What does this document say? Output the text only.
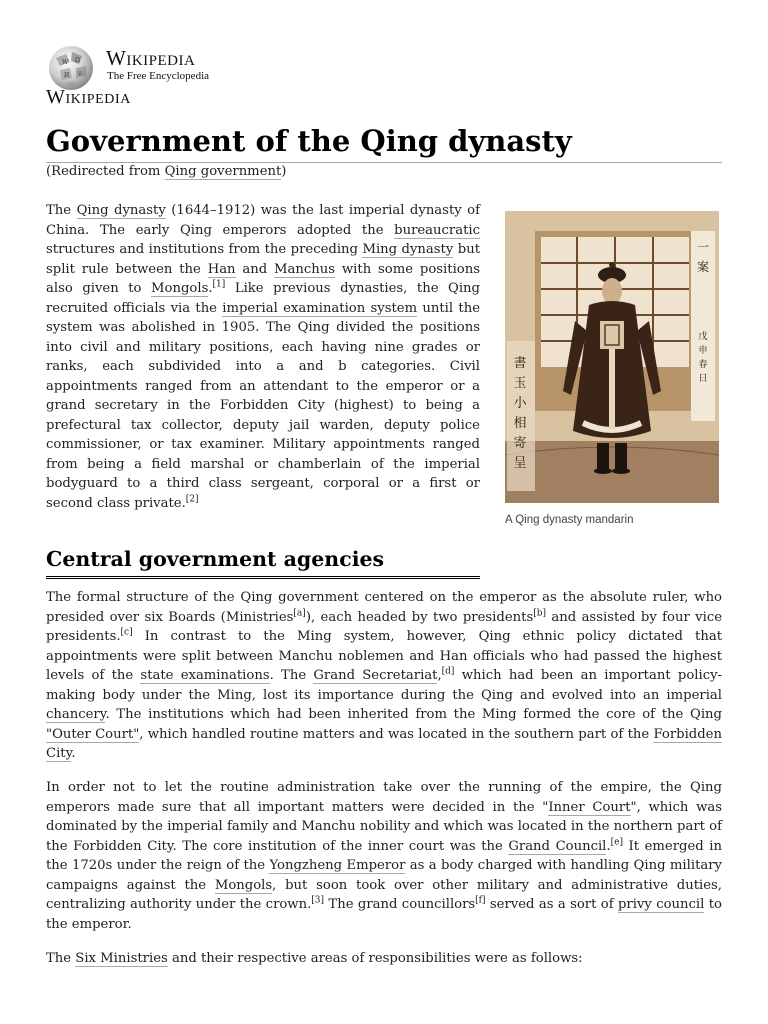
W Ω
И ש
Wikipedia
The Free Encyclopedia
Wikipedia
Government of the Qing dynasty
(Redirected from Qing government)

The Qing dynasty (1644–1912) was the last imperial dynasty of China. The early Qing emperors adopted the bureaucratic structures and institutions from the preceding Ming dynasty but split rule between the Han and Manchus with some positions also given to Mongols.[1] Like previous dynasties, the Qing recruited officials via the imperial examination system until the system was abolished in 1905. The Qing divided the positions into civil and military positions, each having nine grades or ranks, each subdivided into a and b categories. Civil appointments ranged from an attendant to the emperor or a grand secretary in the Forbidden City (highest) to being a prefectural tax collector, deputy jail warden, deputy police commissioner, or tax examiner. Military appointments ranged from being a field marshal or chamberlain of the imperial bodyguard to a third class sergeant, corporal or a first or second class private.[2]

一
案
戊
申
春
日
書
玉
小
相
寄
呈
A Qing dynasty mandarin
Central government agencies

The formal structure of the Qing government centered on the emperor as the absolute ruler, who presided over six Boards (Ministries[a]), each headed by two presidents[b] and assisted by four vice presidents.[c] In contrast to the Ming system, however, Qing ethnic policy dictated that appointments were split between Manchu noblemen and Han officials who had passed the highest levels of the state examinations. The Grand Secretariat,[d] which had been an important policy-making body under the Ming, lost its importance during the Qing and evolved into an imperial chancery. The institutions which had been inherited from the Ming formed the core of the Qing "Outer Court", which handled routine matters and was located in the southern part of the Forbidden City.

In order not to let the routine administration take over the running of the empire, the Qing emperors made sure that all important matters were decided in the "Inner Court", which was dominated by the imperial family and Manchu nobility and which was located in the northern part of the Forbidden City. The core institution of the inner court was the Grand Council.[e] It emerged in the 1720s under the reign of the Yongzheng Emperor as a body charged with handling Qing military campaigns against the Mongols, but soon took over other military and administrative duties, centralizing authority under the crown.[3] The grand councillors[f] served as a sort of privy council to the emperor.

The Six Ministries and their respective areas of responsibilities were as follows:
